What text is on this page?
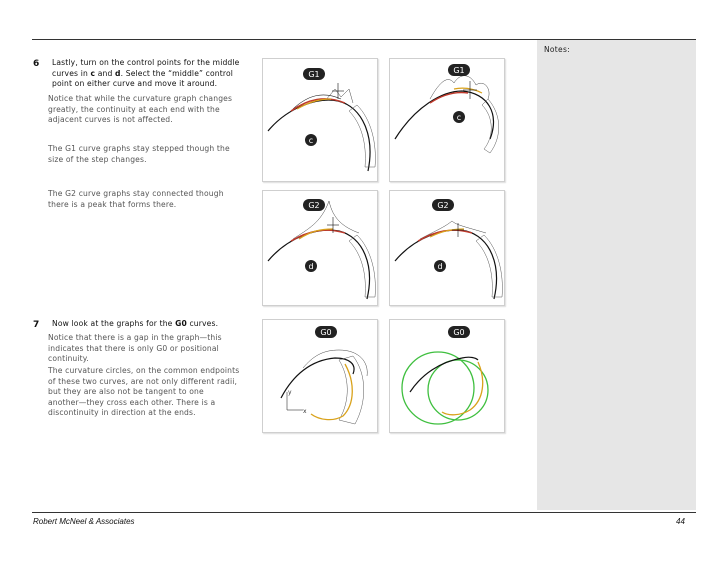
Notes:
6 Lastly, turn on the control points for the middle
curves in c and d. Select the “middle” control
point on either curve and move it around.
Notice that while the curvature graph changes
greatly, the continuity at each end with the
adjacent curves is not affected.
The G1 curve graphs stay stepped though the
size of the step changes.
The G2 curve graphs stay connected though
there is a peak that forms there.
7 Now look at the graphs for the G0 curves.
Notice that there is a gap in the graph—this
indicates that there is only G0 or positional
continuity.
The curvature circles, on the common endpoints
of these two curves, are not only different radii,
but they are also not be tangent to one
another—they cross each other. There is a
discontinuity in direction at the ends.
G1
c
G1
c
G2
d
G2
d
y
x
G0	G0
Robert McNeel & Associates	44
